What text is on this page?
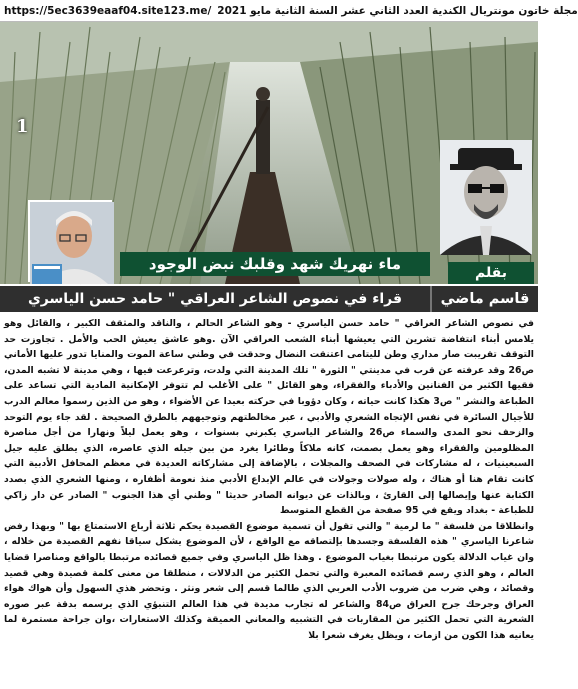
https://5ec3639eaaf04.site123.me/ مجلة خاتون مونتريال الكندية العدد الثاني عشر السنة الثانية مايو 2021
1
ماء نهريك شهد وقلبك نبض الوجود	بقلم
قاسم ماضي
قراء في نصوص الشاعر العراقي " حامد حسن الياسري

في نصوص الشاعر العراقي " حامد حسن الياسري - وهو الشاعر الحالم ، والناقد والمثقف الكبير ، والقائل وهو يلامس أبناء انتفاضة تشرين التي يعيشها أبناء الشعب العراقي الآن .وهو عاشق يعيش الحب والأمل . تجاوزت حد التوقف تقريبت صار مداري وطن لليتامى اعتنقت النضال وحدقت في وطني ساعة الموت والمنايا تدور عليها الأماني ص26 وقد عرفته عن قرب في مدينتي " الثورة " تلك المدينة التي ولدت، وترعرعت فيها ، وهي مدينة لا تشبه المدن، فقيها الكثير من الفنانين والأدباء والفقراء، وهو القائل " على الأغلب لم تتوفر الإمكانية المادية التي تساعد على الطباعة والنشر " ص3 هكذا كانت حياته ، وكان دؤوبا في حركته بعيدا عن الأضواء ، وهو من الذين رسموا معالم الدرب للأجيال السائرة في نفس الإتجاه الشعري والأدبي ، عبر مخالطتهم وتوجيههم بالطرق الصحيحة . لقد جاء يوم التوحد والزحف نحو المدى والسماء ص26 والشاعر الياسري يكبرني بسنوات ، وهو يعمل ليلاً ونهارا من أجل مناصرة المظلومين والفقراء وهو يعمل بصمت، كانه ملاكاً وطائرا يغرد من بين جيله الذي عاصره، الذي يطلق عليه جيل السبعينيات ، له مشاركات في الصحف والمجلات ، بالإضافة إلى مشاركاته العديدة في معظم المحافل الأدبية التي كانت تقام هنا أو هناك ، وله صولات وجولات في عالم الإبداع الأدبي منذ نعومة أظفاره ، ومنها الشعري الذي بصدد الكتابة عنها وإيصالها إلى القارئ ، وبالذات عن ديوانه الصادر حديثا " وطني أي هذا الجنوب " الصادر عن دار زاكي للطباعة - بغداد ويقع في 95 صفحة من القطع المتوسط

وانطلاقا من فلسفة " ما لرمية " والتي تقول أن تسمية موضوع القصيدة يحكم ثلاثة أرباع الاستمتاع بها " وبهذا رفض شاعرنا الياسري " هذه الفلسفة وجسدها بإلتصاقه مع الواقع ، لأن الموضوع يشكل سياقا نفهم القصيدة من خلاله ، وان غياب الدلالة يكون مرتبطا بغياب الموضوع . وهذا ظل الياسري وفي جميع قصائده مرتبطا بالواقع ومناصرا قضايا العالم ، وهو الذي رسم قصائده المعبرة والتي تحمل الكثير من الدلالات ، منطلقا من معنى كلمة قصيدة وهي قصيد وقصائد ، وهي ضرب من ضروب الأدب العربي الذي طالما قسم إلى شعر ونثر . وتحضر هذي السهول وأن هواك هواء العراق وجرحك جرح العراق ص84 والشاعر له تجارب مديدة في هذا العالم التنبؤي الذي يرسمه بدقة عبر صوره الشعرية التي تحمل الكثير من المقاربات في التشبيه والمعاني العميقة وكذلك الاستعارات ،وان جراحة مستمرة لما يعانيه هذا الكون من ازمات ، ويظل يغرف شعرا بلا
